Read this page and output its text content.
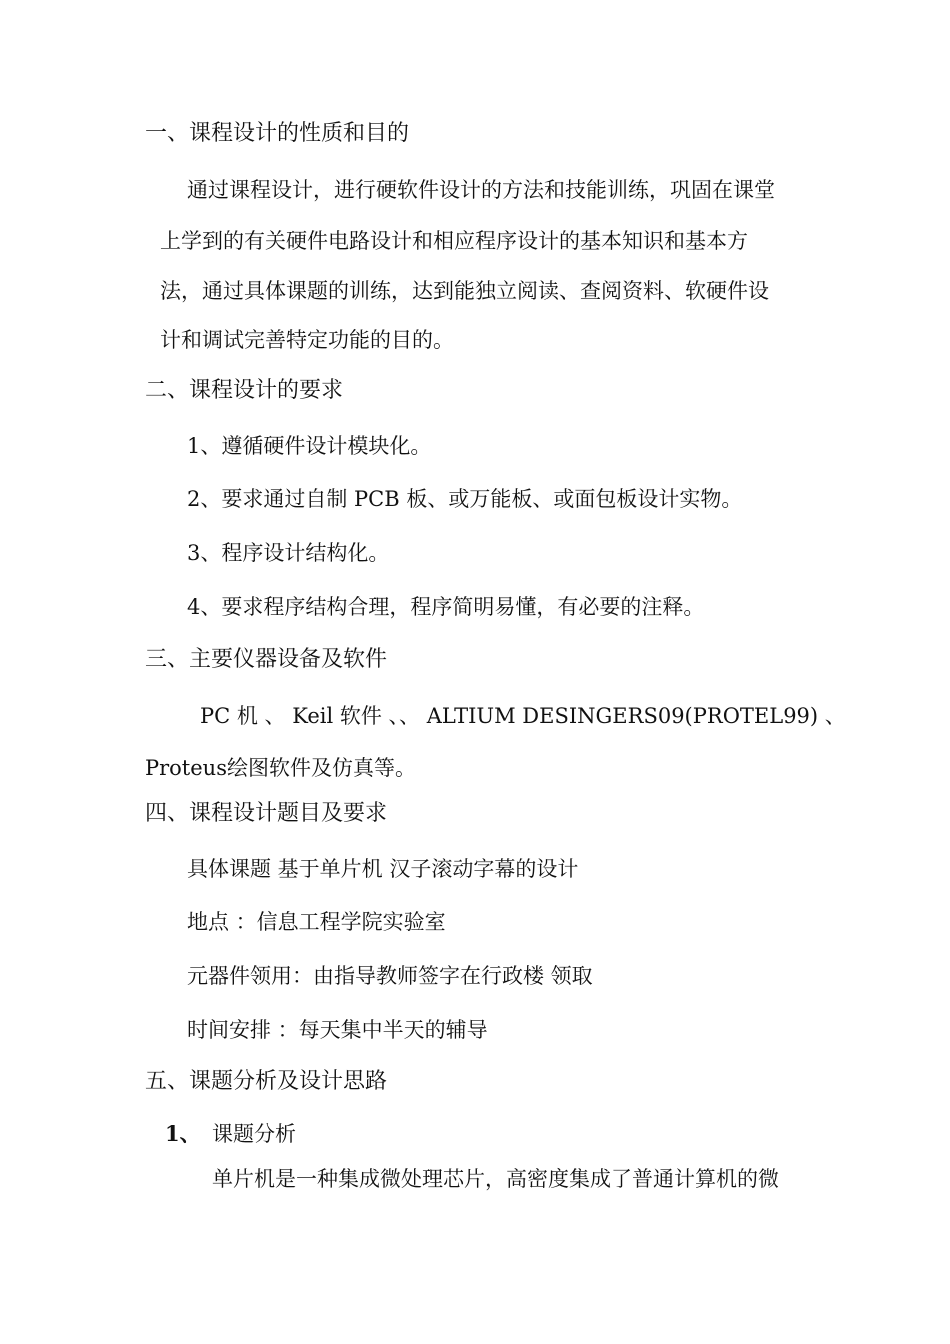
一、课程设计的性质和目的
通过课程设计，进行硬软件设计的方法和技能训练，巩固在课堂
上学到的有关硬件电路设计和相应程序设计的基本知识和基本方
法，通过具体课题的训练，达到能独立阅读、查阅资料、软硬件设
计和调试完善特定功能的目的。
二、课程设计的要求
1、遵循硬件设计模块化。
2、要求通过自制 PCB 板、或万能板、或面包板设计实物。
3、程序设计结构化。
4、要求程序结构合理，程序简明易懂，有必要的注释。
三、主要仪器设备及软件
PC 机 、 Keil 软件 、、 ALTIUM DESINGERS09(PROTEL99) 、
Proteus绘图软件及仿真等。
四、课程设计题目及要求
具体课题 基于单片机 汉子滚动字幕的设计
地点 ：信息工程学院实验室
元器件领用：由指导教师签字在行政楼 领取
时间安排 ：每天集中半天的辅导
五、课题分析及设计思路
1、 课题分析
单片机是一种集成微处理芯片，高密度集成了普通计算机的微
